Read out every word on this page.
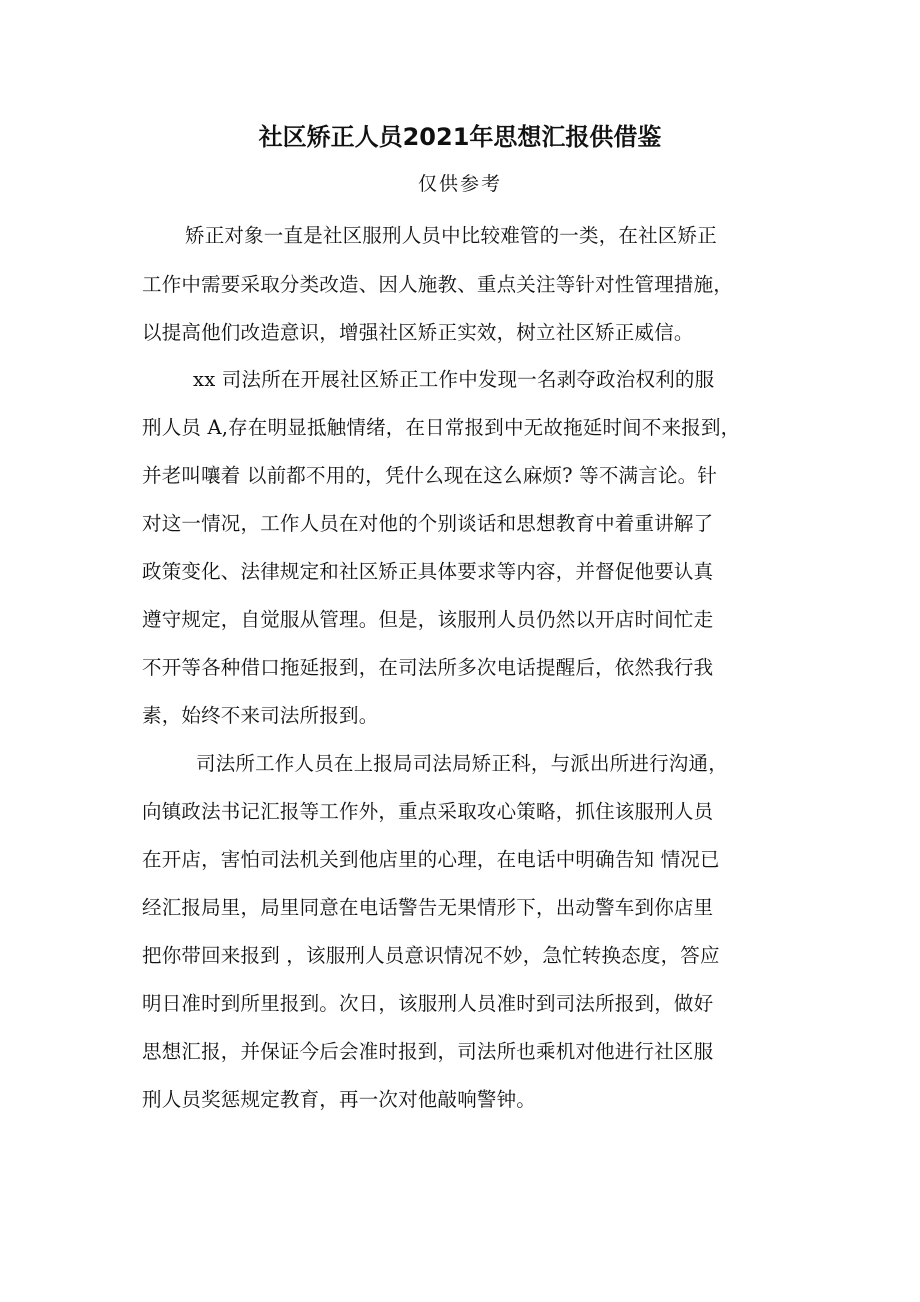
社区矫正人员2021年思想汇报供借鉴
仅供参考
矫正对象一直是社区服刑人员中比较难管的一类，在社区矫正
工作中需要采取分类改造、因人施教、重点关注等针对性管理措施，
以提高他们改造意识，增强社区矫正实效，树立社区矫正威信。
xx 司法所在开展社区矫正工作中发现一名剥夺政治权利的服
刑人员 A,存在明显抵触情绪，在日常报到中无故拖延时间不来报到，
并老叫嚷着 以前都不用的，凭什么现在这么麻烦? 等不满言论。针
对这一情况，工作人员在对他的个别谈话和思想教育中着重讲解了
政策变化、法律规定和社区矫正具体要求等内容，并督促他要认真
遵守规定，自觉服从管理。但是，该服刑人员仍然以开店时间忙走
不开等各种借口拖延报到，在司法所多次电话提醒后，依然我行我
素，始终不来司法所报到。
司法所工作人员在上报局司法局矫正科，与派出所进行沟通，
向镇政法书记汇报等工作外，重点采取攻心策略，抓住该服刑人员
在开店，害怕司法机关到他店里的心理，在电话中明确告知 情况已
经汇报局里，局里同意在电话警告无果情形下，出动警车到你店里
把你带回来报到 ，该服刑人员意识情况不妙，急忙转换态度，答应
明日准时到所里报到。次日，该服刑人员准时到司法所报到，做好
思想汇报，并保证今后会准时报到，司法所也乘机对他进行社区服
刑人员奖惩规定教育，再一次对他敲响警钟。
